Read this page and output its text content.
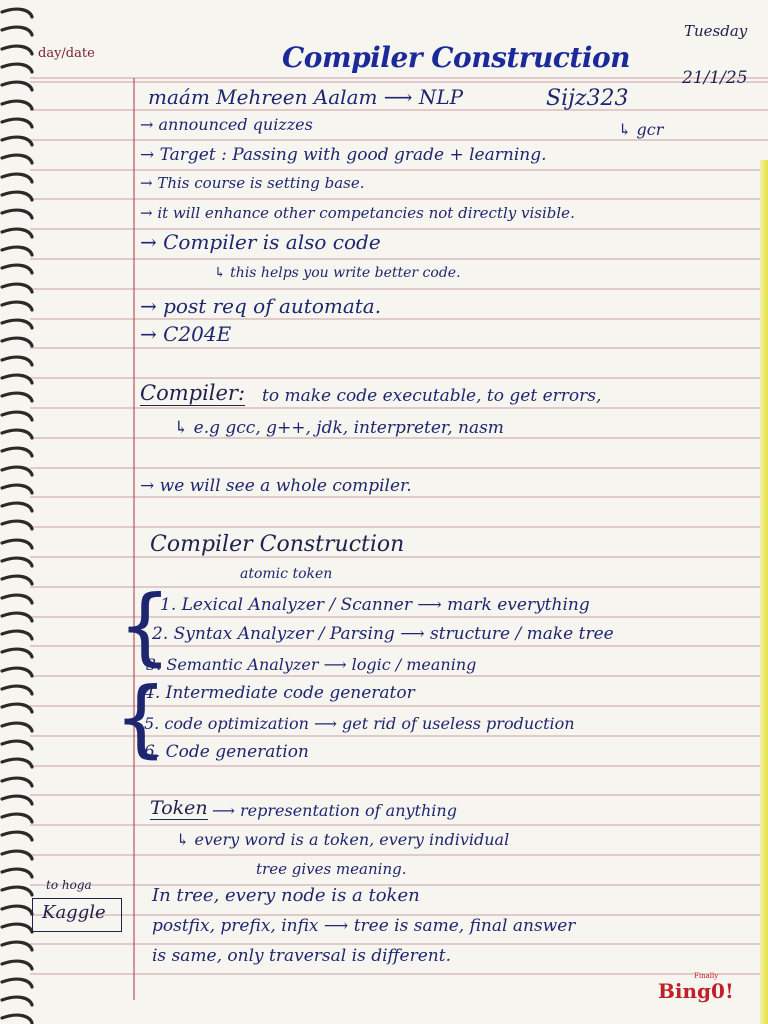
day/date	Compiler Construction
Tuesday
21/1/25
maám Mehreen Aalam ⟶ NLP	Sijz323
↳ gcr
→ announced quizzes
→ Target : Passing with good grade + learning.
→ This course is setting base.
→ it will enhance other competancies not directly visible.
→ Compiler is also code
↳ this helps you write better code.
→ post req of automata.
→ C204E
Compiler: to make code executable, to get errors,
↳ e.g gcc, g++, jdk, interpreter, nasm
→ we will see a whole compiler.
Compiler Construction
atomic token
{
{
1. Lexical Analyzer / Scanner ⟶ mark everything
2. Syntax Analyzer / Parsing ⟶ structure / make tree
3. Semantic Analyzer ⟶ logic / meaning
4. Intermediate code generator
5. code optimization ⟶ get rid of useless production
6. Code generation
Token ⟶ representation of anything
↳ every word is a token, every individual
tree gives meaning.
In tree, every node is a token
postfix, prefix, infix ⟶ tree is same, final answer
is same, only traversal is different.
to hoga
Kaggle
Finally
Bing0!
